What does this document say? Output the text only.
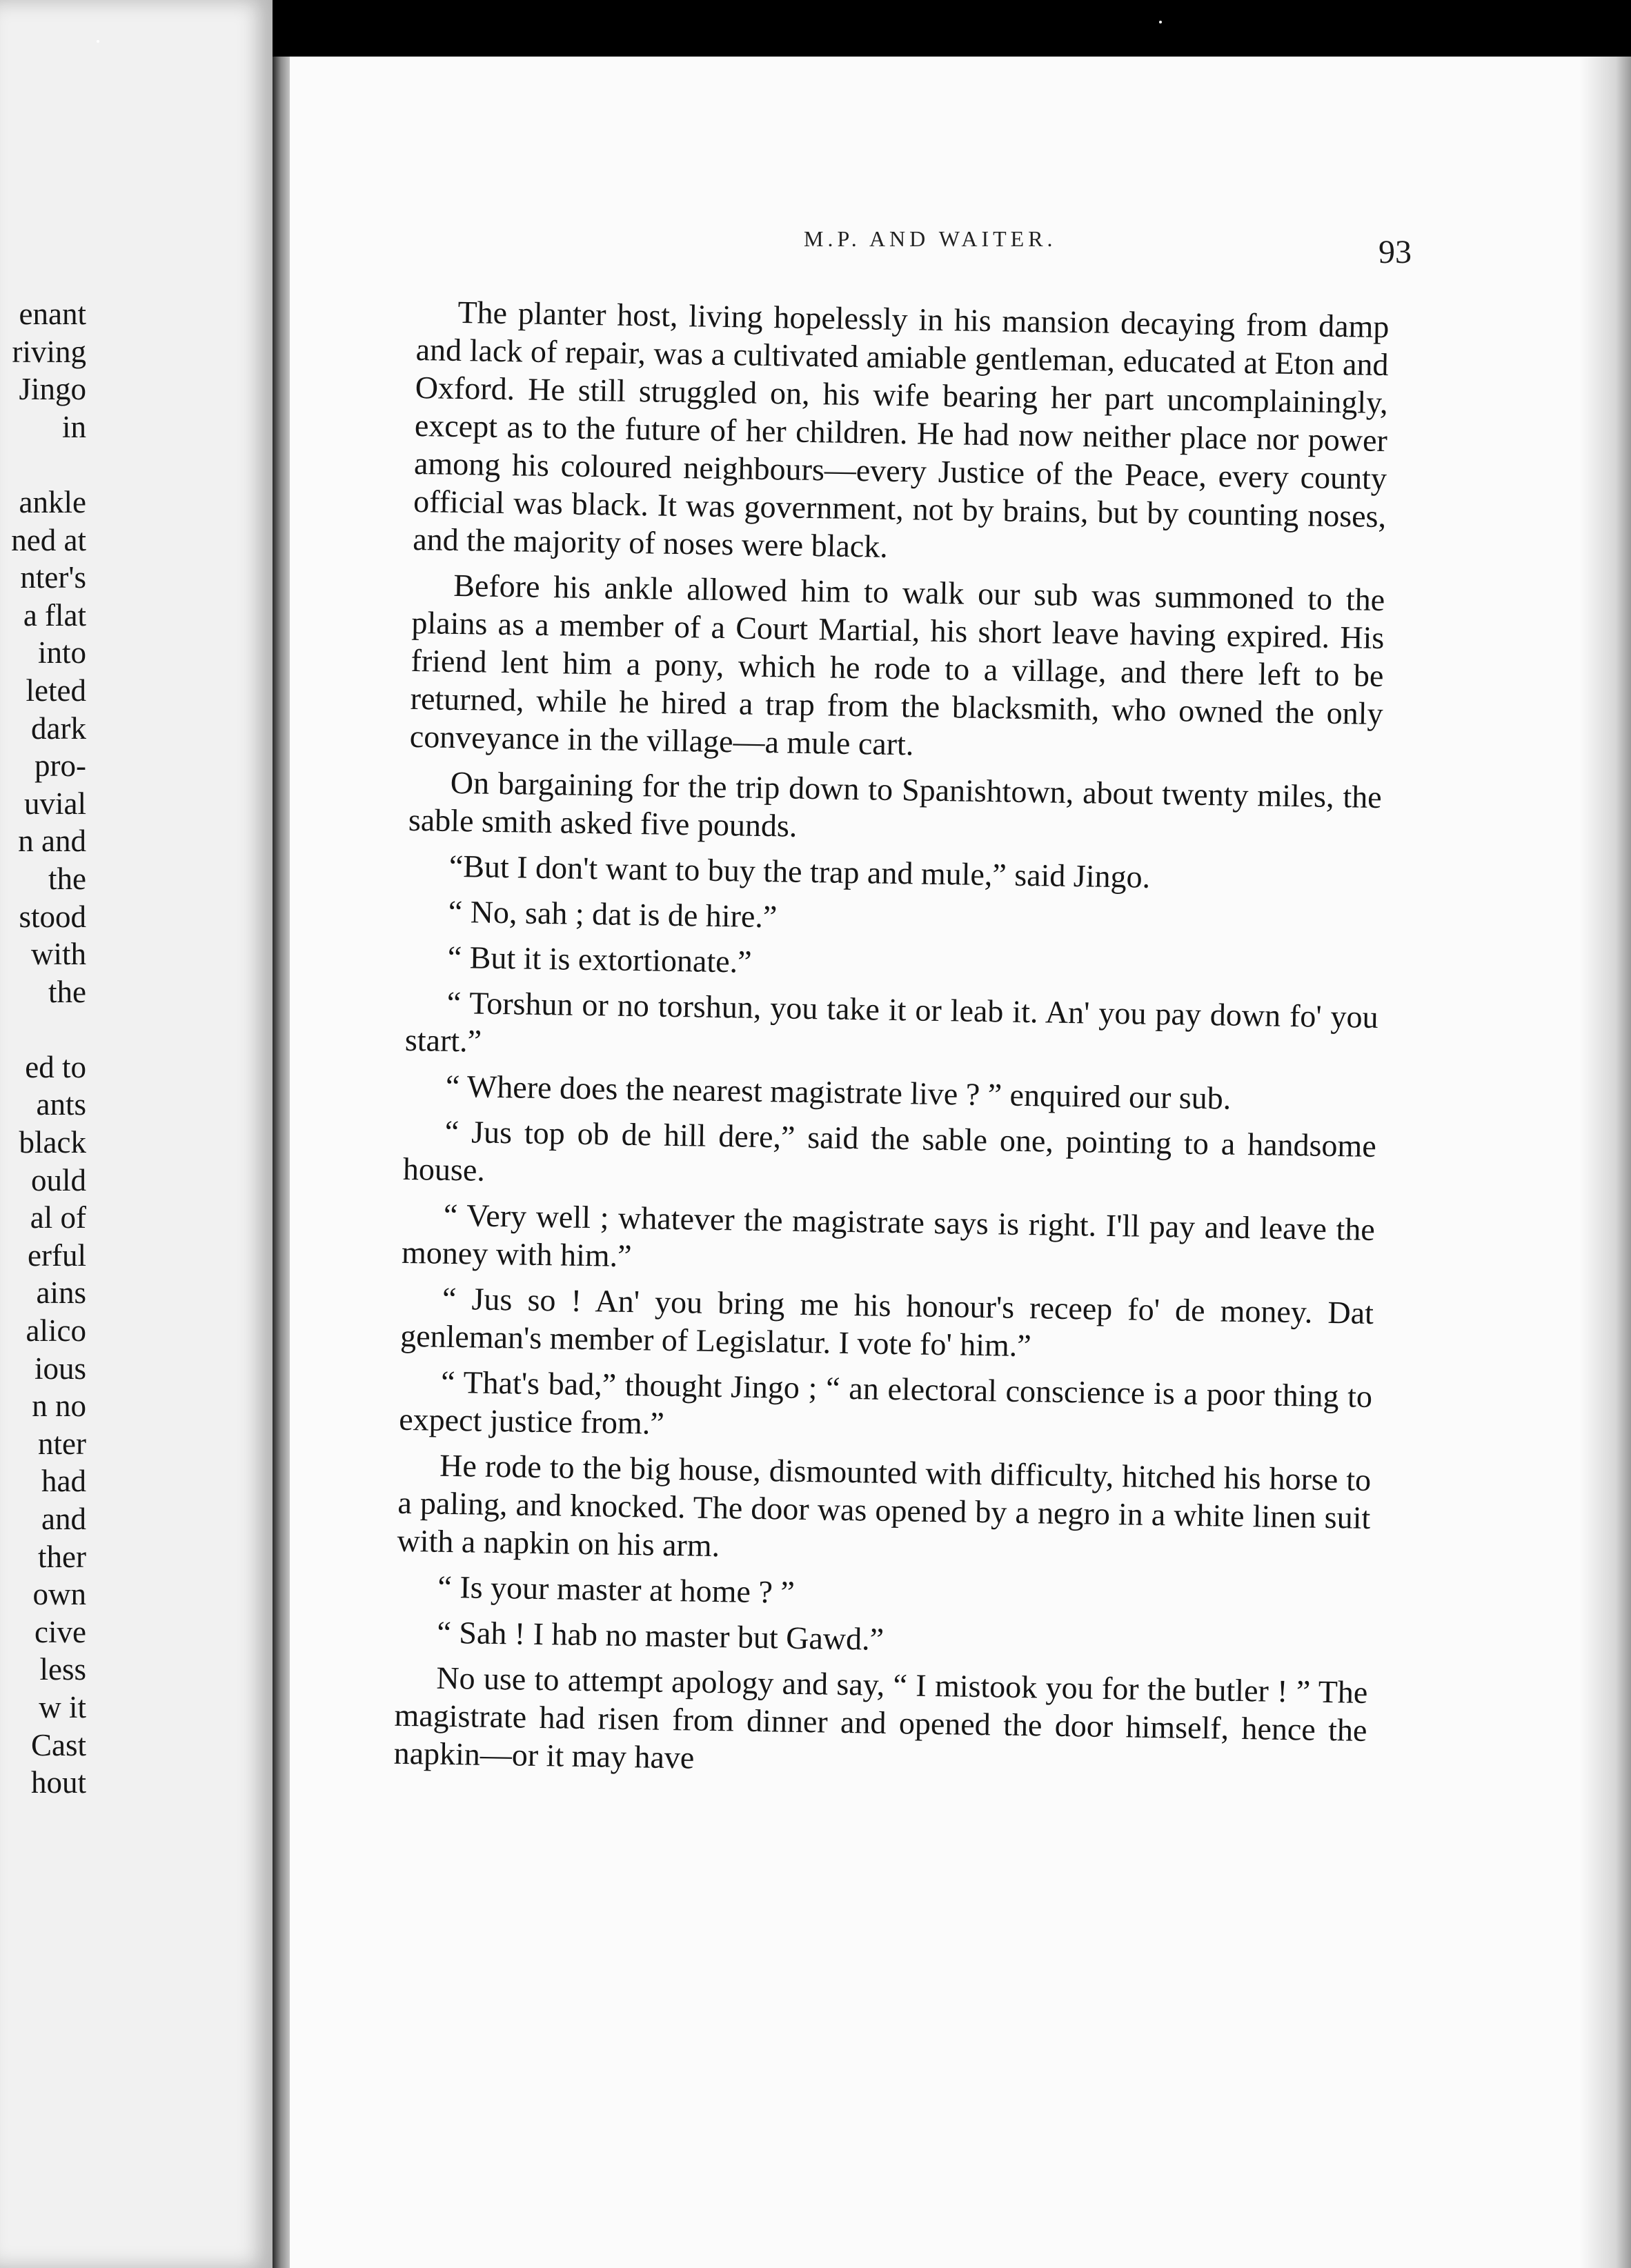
enant
riving
Jingo
in
ankle
ned at
nter's
a flat
into
leted
dark
pro-
uvial
n and
the
stood
with
the
ed to
ants
black
ould
al of
erful
ains
alico
ious
n no
nter
had
and
ther
own
cive
less
w it
Cast
hout
M.P. AND WAITER.	93

The planter host, living hopelessly in his mansion decaying from damp and lack of repair, was a cultivated amiable gentleman, educated at Eton and Oxford. He still struggled on, his wife bearing her part uncomplainingly, except as to the future of her children. He had now neither place nor power among his coloured neighbours—every Justice of the Peace, every county official was black. It was government, not by brains, but by counting noses, and the majority of noses were black.

Before his ankle allowed him to walk our sub was summoned to the plains as a member of a Court Martial, his short leave having expired. His friend lent him a pony, which he rode to a village, and there left to be returned, while he hired a trap from the blacksmith, who owned the only conveyance in the village—a mule cart.

On bargaining for the trip down to Spanishtown, about twenty miles, the sable smith asked five pounds.

“But I don't want to buy the trap and mule,” said Jingo.

“ No, sah ; dat is de hire.”

“ But it is extortionate.”

“ Torshun or no torshun, you take it or leab it. An' you pay down fo' you start.”

“ Where does the nearest magistrate live ? ” enquired our sub.

“ Jus top ob de hill dere,” said the sable one, pointing to a handsome house.

“ Very well ; whatever the magistrate says is right. I'll pay and leave the money with him.”

“ Jus so ! An' you bring me his honour's receep fo' de money. Dat genleman's member of Legislatur. I vote fo' him.”

“ That's bad,” thought Jingo ; “ an electoral conscience is a poor thing to expect justice from.”

He rode to the big house, dismounted with difficulty, hitched his horse to a paling, and knocked. The door was opened by a negro in a white linen suit with a napkin on his arm.

“ Is your master at home ? ”

“ Sah ! I hab no master but Gawd.”

No use to attempt apology and say, “ I mistook you for the butler ! ” The magistrate had risen from dinner and opened the door himself, hence the napkin—or it may have
